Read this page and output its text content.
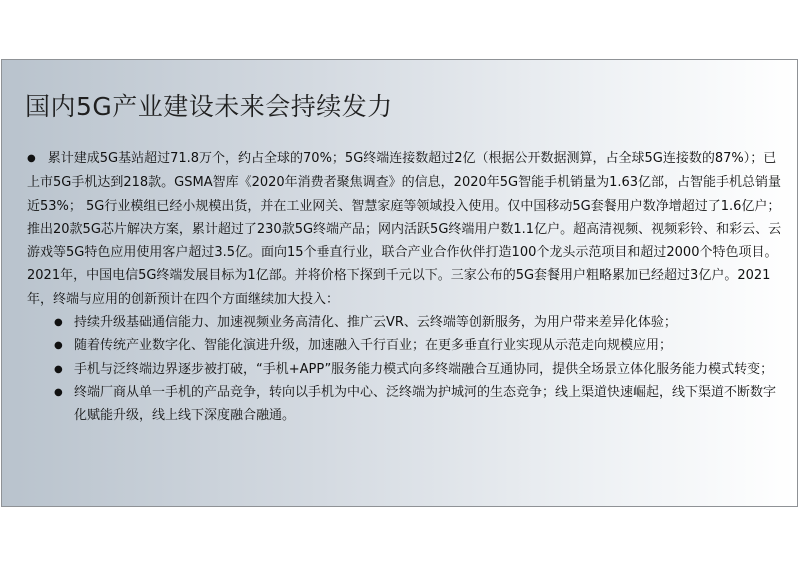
国内5G产业建设未来会持续发力

● 累计建成5G基站超过71.8万个，约占全球的70%；5G终端连接数超过2亿（根据公开数据测算，占全球5G连接数的87%）；已上市5G手机达到218款。GSMA智库《2020年消费者聚焦调查》的信息，2020年5G智能手机销量为1.63亿部，占智能手机总销量近53%； 5G行业模组已经小规模出货，并在工业网关、智慧家庭等领域投入使用。仅中国移动5G套餐用户数净增超过了1.6亿户；推出20款5G芯片解决方案，累计超过了230款5G终端产品；网内活跃5G终端用户数1.1亿户。超高清视频、视频彩铃、和彩云、云游戏等5G特色应用使用客户超过3.5亿。面向15个垂直行业，联合产业合作伙伴打造100个龙头示范项目和超过2000个特色项目。 2021年，中国电信5G终端发展目标为1亿部。并将价格下探到千元以下。三家公布的5G套餐用户粗略累加已经超过3亿户。2021年，终端与应用的创新预计在四个方面继续加大投入：

● 持续升级基础通信能力、加速视频业务高清化、推广云VR、云终端等创新服务，为用户带来差异化体验；
● 随着传统产业数字化、智能化演进升级，加速融入千行百业；在更多垂直行业实现从示范走向规模应用；
● 手机与泛终端边界逐步被打破，“手机+APP”服务能力模式向多终端融合互通协同，提供全场景立体化服务能力模式转变；
● 终端厂商从单一手机的产品竞争，转向以手机为中心、泛终端为护城河的生态竞争；线上渠道快速崛起，线下渠道不断数字化赋能升级，线上线下深度融合融通。
